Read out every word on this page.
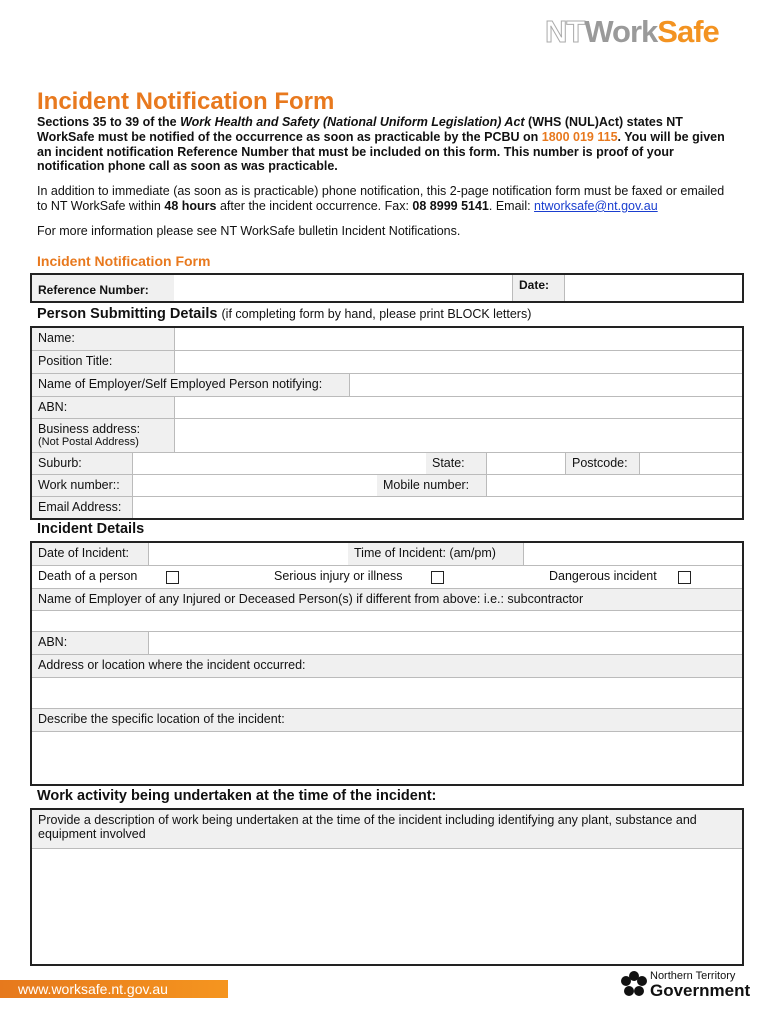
NTWorkSafe
Incident Notification Form
Sections 35 to 39 of the Work Health and Safety (National Uniform Legislation) Act (WHS (NUL)Act) states NT WorkSafe must be notified of the occurrence as soon as practicable by the PCBU on 1800 019 115. You will be given an incident notification Reference Number that must be included on this form. This number is proof of your notification phone call as soon as was practicable.
In addition to immediate (as soon as is practicable) phone notification, this 2-page notification form must be faxed or emailed to NT WorkSafe within 48 hours after the incident occurrence. Fax: 08 8999 5141. Email: ntworksafe@nt.gov.au
For more information please see NT WorkSafe bulletin Incident Notifications.
Incident Notification Form
Reference Number:	Date:
Person Submitting Details (if completing form by hand, please print BLOCK letters)
Name:
Position Title:
Name of Employer/Self Employed Person notifying:
ABN:
Business address:
(Not Postal Address)
Suburb:	State:	Postcode:
Work number::	Mobile number:
Email Address:
Incident Details
Date of Incident:	Time of Incident: (am/pm)
Death of a person	Serious injury or illness	Dangerous incident
Name of Employer of any Injured or Deceased Person(s) if different from above: i.e.: subcontractor
ABN:
Address or location where the incident occurred:
Describe the specific location of the incident:
Work activity being undertaken at the time of the incident:
Provide a description of work being undertaken at the time of the incident including identifying any plant, substance and equipment involved
www.worksafe.nt.gov.au
Northern Territory
Government
